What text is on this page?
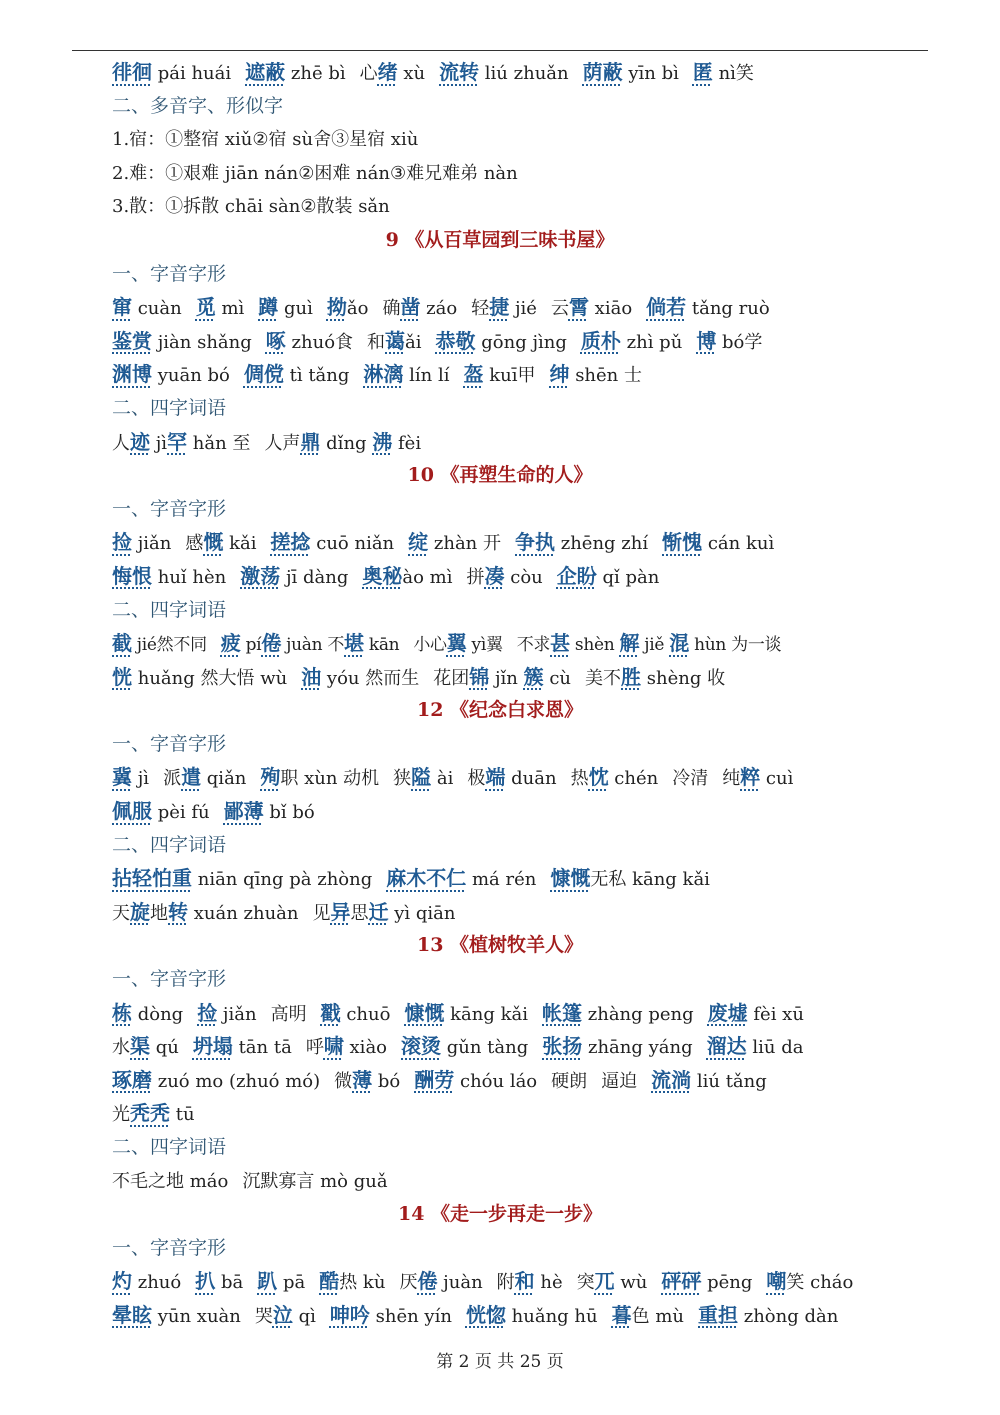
徘徊 pái huái 遮蔽 zhē bì 心绪 xù 流转 liú zhuǎn 荫蔽 yīn bì 匿 nì笑
二、多音字、形似字
1.宿：①整宿 xiǔ②宿 sù舍③星宿 xiù
2.难：①艰难 jiān nán②困难 nán③难兄难弟 nàn
3.散：①拆散 chāi sàn②散装 sǎn
9 《从百草园到三味书屋》
一、字音字形
窜 cuàn 觅 mì 蹲 guì 拗ǎo 确凿 záo 轻捷 jié 云霄 xiāo 倘若 tǎng ruò
鉴赏 jiàn shǎng 啄 zhuó食 和蔼ǎi 恭敬 gōng jìng 质朴 zhì pǔ 博 bó学
渊博 yuān bó 倜傥 tì tǎng 淋漓 lín lí 盔 kuī甲 绅 shēn 士
二、四字词语
人迹 jì罕 hǎn 至 人声鼎 dǐng 沸 fèi
10 《再塑生命的人》
一、字音字形
捡 jiǎn 感慨 kǎi 搓捻 cuō niǎn 绽 zhàn 开 争执 zhēng zhí 惭愧 cán kuì
悔恨 huǐ hèn 激荡 jī dàng 奥秘ào mì 拼凑 còu 企盼 qǐ pàn
二、四字词语
截 jié然不同 疲 pí倦 juàn 不堪 kān 小心翼 yì翼 不求甚 shèn 解 jiě 混 hùn 为一谈
恍 huǎng 然大悟 wù 油 yóu 然而生 花团锦 jǐn 簇 cù 美不胜 shèng 收
12 《纪念白求恩》
一、字音字形
冀 jì 派遣 qiǎn 殉职 xùn 动机 狭隘 ài 极端 duān 热忱 chén 冷清 纯粹 cuì
佩服 pèi fú 鄙薄 bǐ bó
二、四字词语
拈轻怕重 niān qīng pà zhòng 麻木不仁 má rén 慷慨无私 kāng kǎi
天旋地转 xuán zhuàn 见异思迁 yì qiān
13 《植树牧羊人》
一、字音字形
栋 dòng 捡 jiǎn 高明 戳 chuō 慷慨 kāng kǎi 帐篷 zhàng peng 废墟 fèi xū
水渠 qú 坍塌 tān tā 呼啸 xiào 滚烫 gǔn tàng 张扬 zhāng yáng 溜达 liū da
琢磨 zuó mo (zhuó mó) 微薄 bó 酬劳 chóu láo 硬朗 逼迫 流淌 liú tǎng
光秃秃 tū
二、四字词语
不毛之地 máo 沉默寡言 mò guǎ
14 《走一步再走一步》
一、字音字形
灼 zhuó 扒 bā 趴 pā 酷热 kù 厌倦 juàn 附和 hè 突兀 wù 砰砰 pēng 嘲笑 cháo
晕眩 yūn xuàn 哭泣 qì 呻吟 shēn yín 恍惚 huǎng hū 暮色 mù 重担 zhòng dàn
第 2 页 共 25 页
